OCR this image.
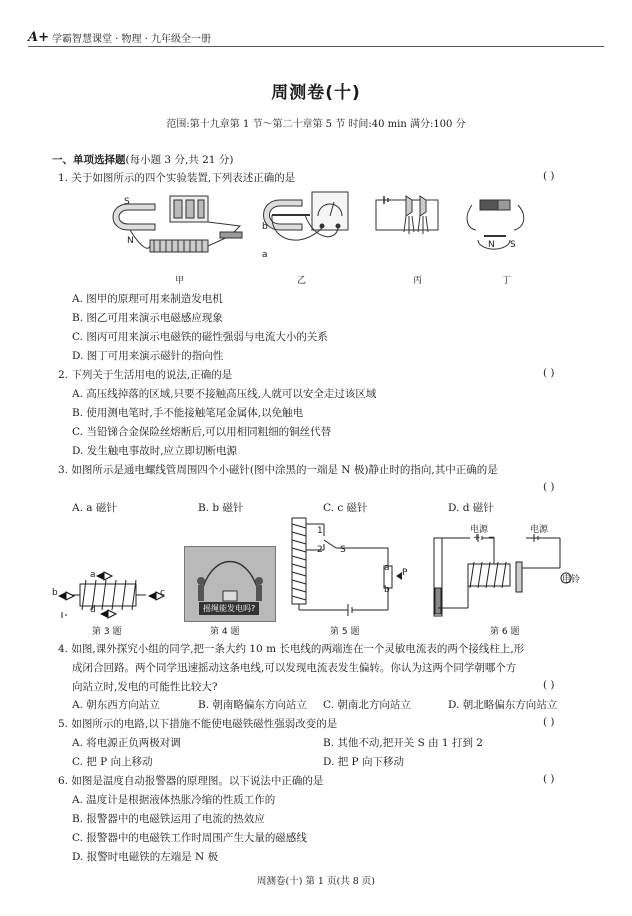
A+ 学霸智慧课堂 · 物理 · 九年级全一册
周测卷(十)
范围:第十九章第 1 节～第二十章第 5 节 时间:40 min 满分:100 分
一、单项选择题(每小题 3 分,共 21 分)
1. 关于如图所示的四个实验装置,下列表述正确的是	( )
S
N
a
b
N S
甲	乙	丙	丁
A. 图甲的原理可用来制造发电机
B. 图乙可用来演示电磁感应现象
C. 图丙可用来演示电磁铁的磁性强弱与电流大小的关系
D. 图丁可用来演示磁针的指向性
2. 下列关于生活用电的说法,正确的是	( )
A. 高压线掉落的区域,只要不接触高压线,人就可以安全走过该区域
B. 使用测电笔时,手不能接触笔尾金属体,以免触电
C. 当铅锑合金保险丝熔断后,可以用相同粗细的铜丝代替
D. 发生触电事故时,应立即切断电源
3. 如图所示是通电螺线管周围四个小磁针(图中涂黑的一端是 N 极)静止时的指向,其中正确的是
( )
A. a 磁针	B. b 磁针	C. c 磁针	D. d 磁针
a
b	c
d
第 3 题
摇绳能发电吗?
第 4 题
1
2 S
a P
b
第 5 题
电源	电源
+ −
电铃
第 6 题
4. 如图,课外探究小组的同学,把一条大约 10 m 长电线的两端连在一个灵敏电流表的两个接线柱上,形
成闭合回路。两个同学迅速摇动这条电线,可以发现电流表发生偏转。你认为这两个同学朝哪个方
向站立时,发电的可能性比较大?	( )
A. 朝东西方向站立	B. 朝南略偏东方向站立 C. 朝南北方向站立	D. 朝北略偏东方向站立
5. 如图所示的电路,以下措施不能使电磁铁磁性强弱改变的是	( )
A. 将电源正负两极对调	B. 其他不动,把开关 S 由 1 打到 2
C. 把 P 向上移动	D. 把 P 向下移动
6. 如图是温度自动报警器的原理图。以下说法中正确的是	( )
A. 温度计是根据液体热胀冷缩的性质工作的
B. 报警器中的电磁铁运用了电流的热效应
C. 报警器中的电磁铁工作时周围产生大量的磁感线
D. 报警时电磁铁的左端是 N 极
周测卷(十) 第 1 页(共 8 页)
